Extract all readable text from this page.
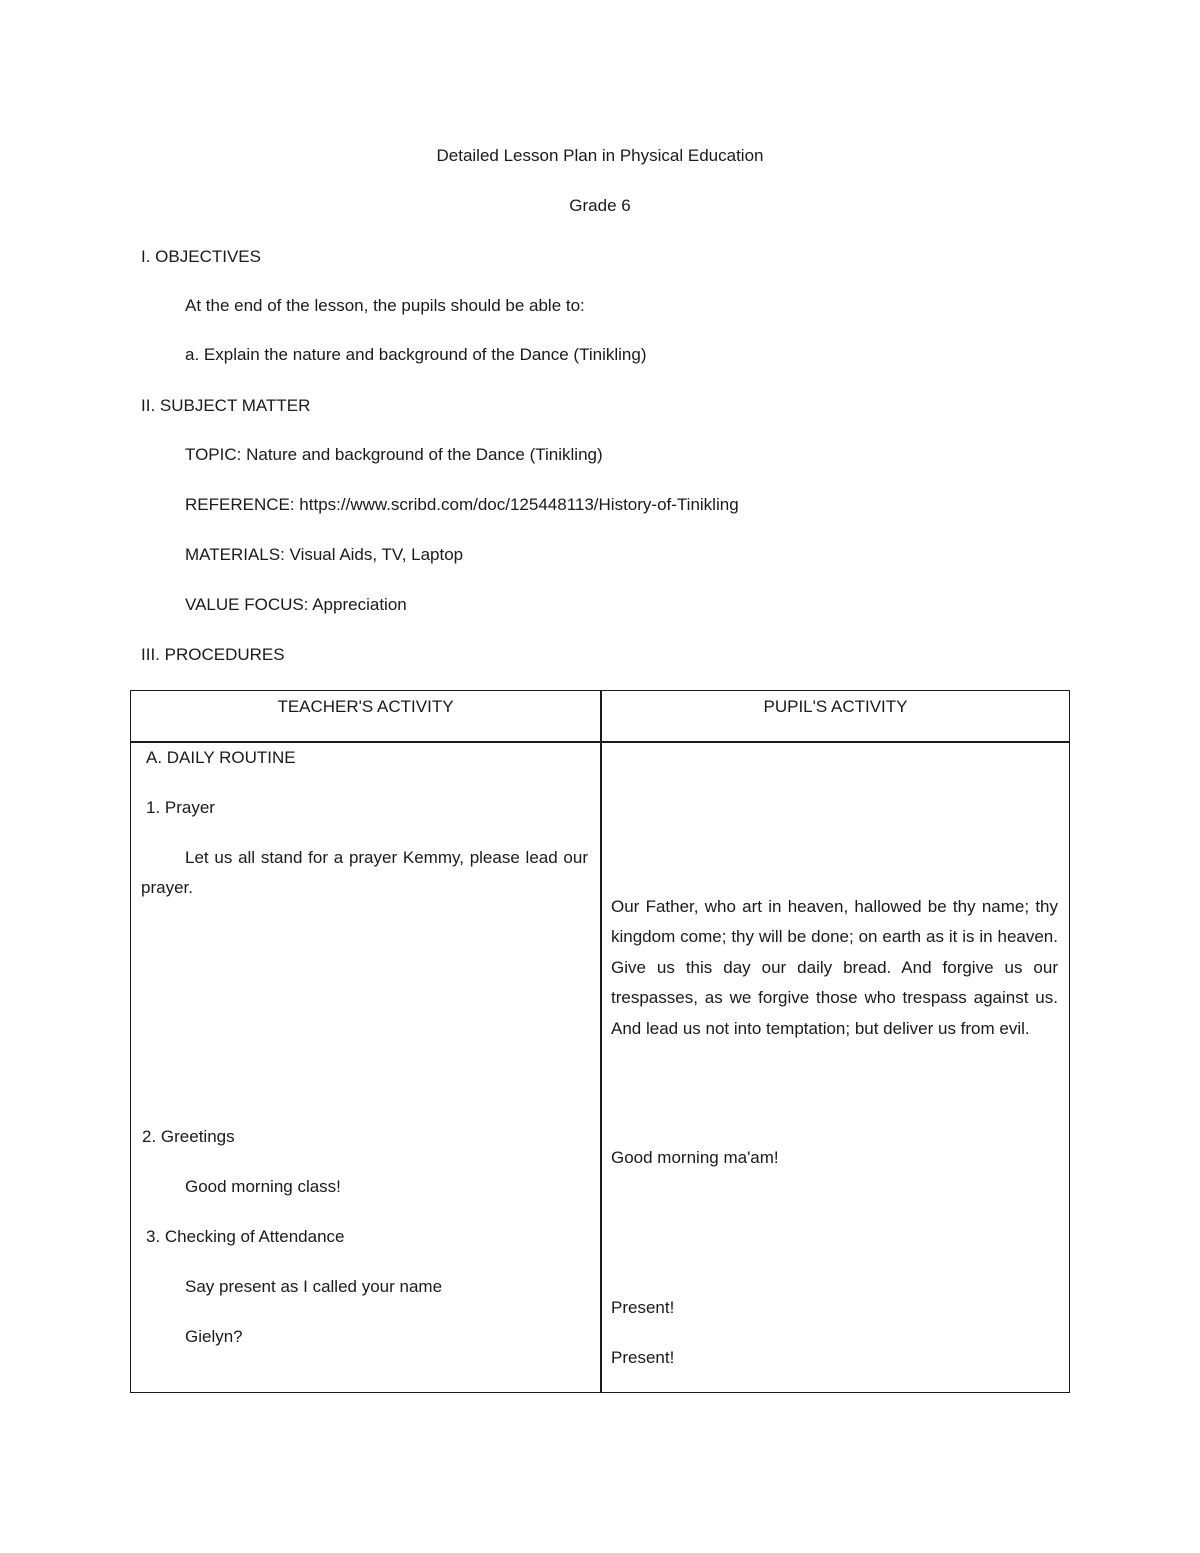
Detailed Lesson Plan in Physical Education
Grade 6
I. OBJECTIVES
At the end of the lesson, the pupils should be able to:
a. Explain the nature and background of the Dance (Tinikling)
II. SUBJECT MATTER
TOPIC: Nature and background of the Dance (Tinikling)
REFERENCE: https://www.scribd.com/doc/125448113/History-of-Tinikling
MATERIALS: Visual Aids, TV, Laptop
VALUE FOCUS: Appreciation
III. PROCEDURES
TEACHER'S ACTIVITY	PUPIL'S ACTIVITY
A. DAILY ROUTINE
1. Prayer
Let us all stand for a prayer Kemmy, please lead our prayer.
2. Greetings
Good morning class!
3. Checking of Attendance
Say present as I called your name
Gielyn?
Our Father, who art in heaven, hallowed be thy name; thy kingdom come; thy will be done; on earth as it is in heaven. Give us this day our daily bread. And forgive us our trespasses, as we forgive those who trespass against us. And lead us not into temptation; but deliver us from evil.
Good morning ma'am!
Present!
Present!
